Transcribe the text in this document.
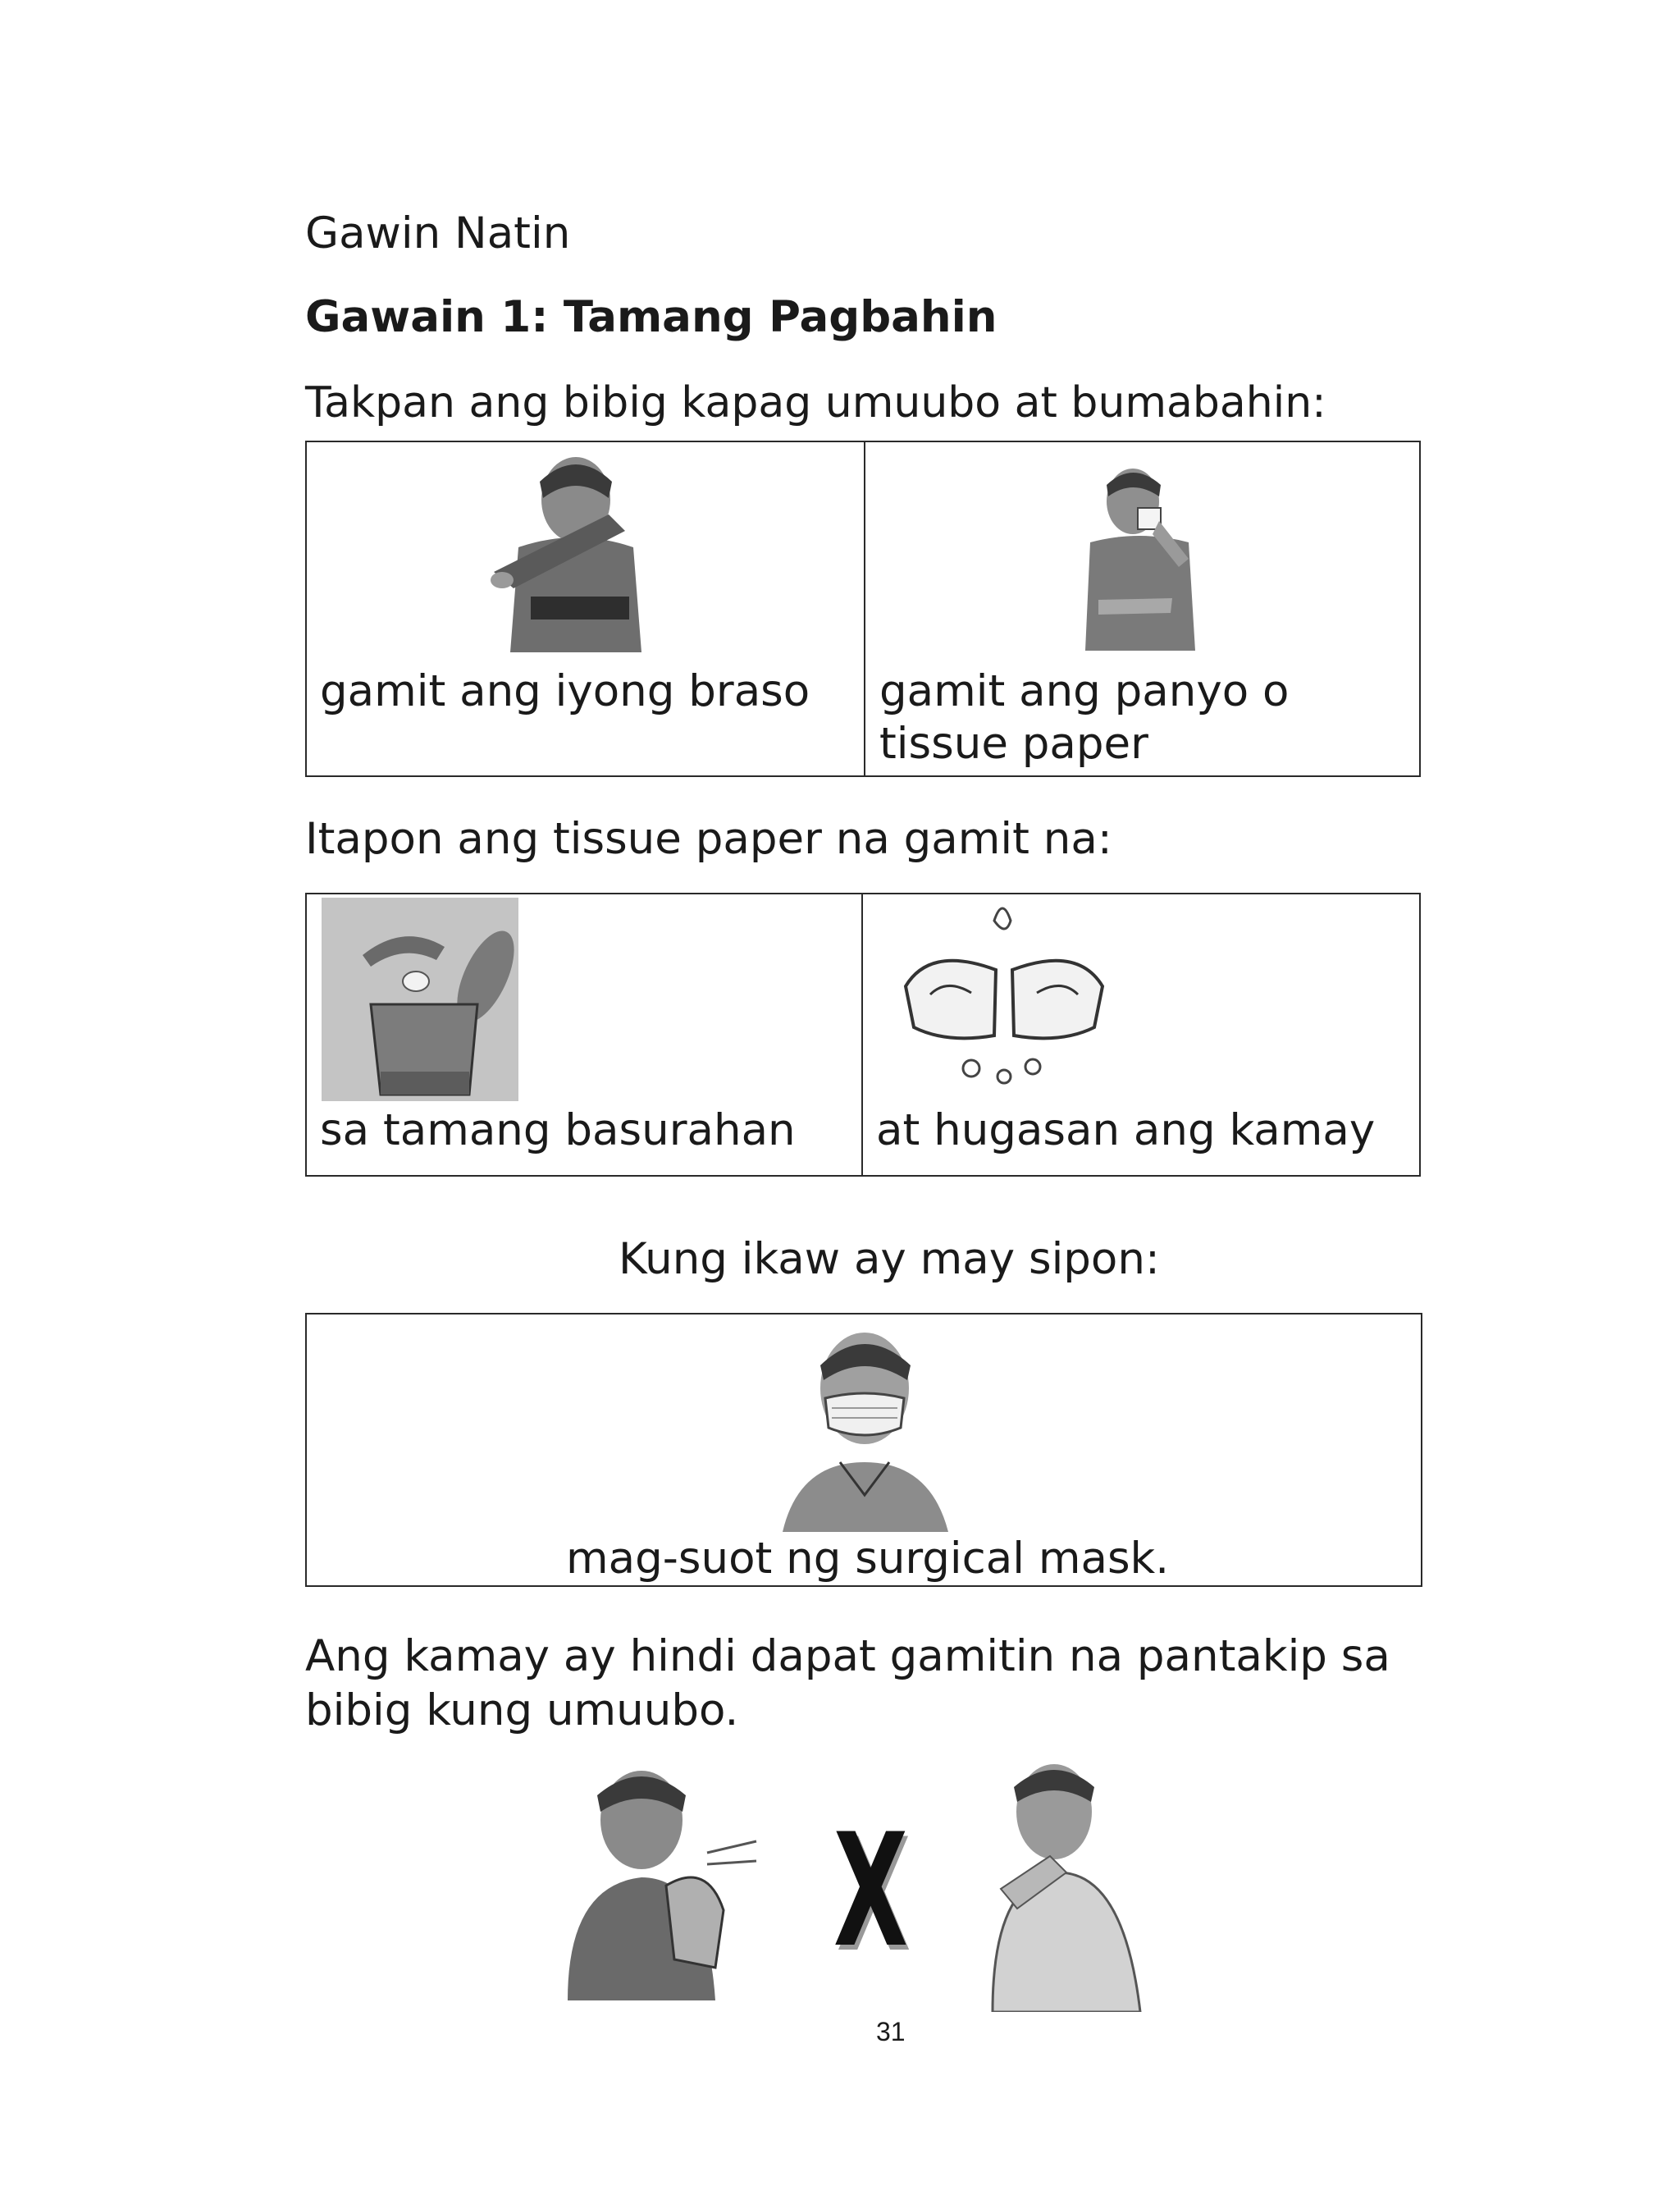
Gawin Natin
Gawain 1: Tamang Pagbahin
Takpan ang bibig kapag umuubo at bumabahin:
gamit ang iyong braso gamit ang panyo o
tissue paper
Itapon ang tissue paper na gamit na:
sa tamang basurahan at hugasan ang kamay
Kung ikaw ay may sipon:
mag-suot ng surgical mask.
Ang kamay ay hindi dapat gamitin na pantakip sa
bibig kung umuubo.
X
31
